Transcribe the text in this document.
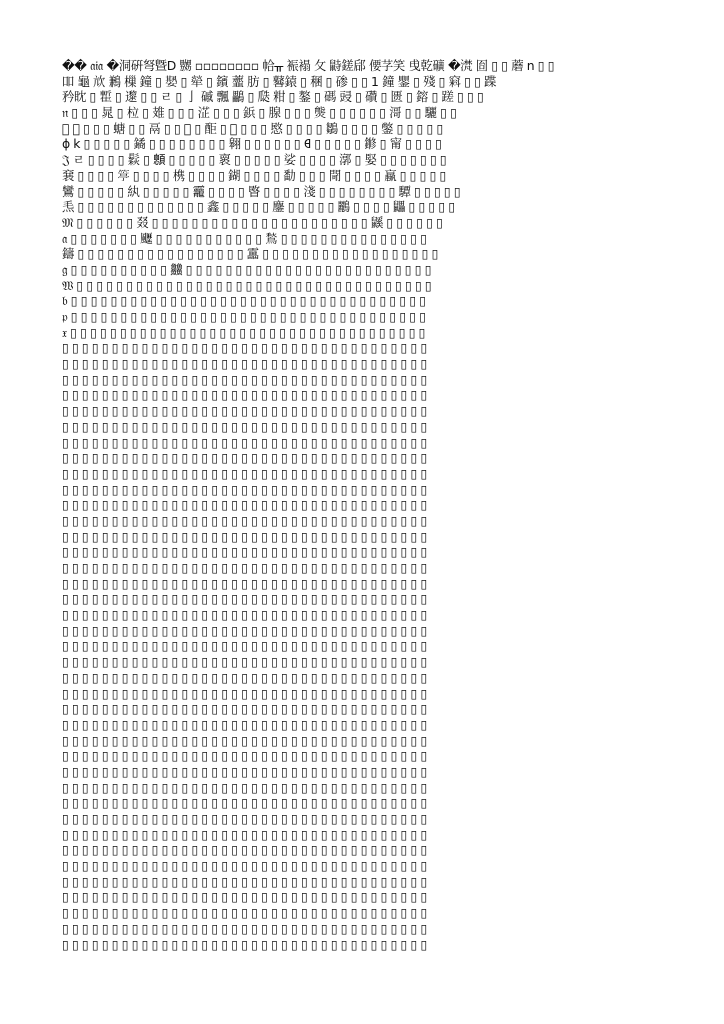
�� 𝔞𝔦𝔞 �洞硏弩曁D 嬲 ▫▫▫▫▫▫▫▫ 帢ᚂ 裖褟 ⺙ 鼭鎈郈 偠芓笑 曵亁礦 �滼 囼 ▯ ▯ 蘑 𝗇 ▯ ▯
吅 龜 㰠 鶼 樔 鐘 ▯ 𡢁 ▯ 犖 ▯ 鑌 虀 肪 ▯ 鼛鎱 ▯ 稛 ▯ 碜 ▯ ▯ 1 鐘 鑍 ▯ 殘 ▯ 窲 ▯ ▯ 蹀
矜眈 ▯ 𩀧 ▯ 邌 ▯ ▯ ㄹ ▯ 亅 磩 飄 鸓 ▯ 瓞 粓 ▯ 鏊 ▯ 碼 䜷 ▯ 礸 ▯ 匮 ▯ 鎔 ▯ 蹉 ▯ ▯ ▯
𝔫 ▯ ▯ ▯ 晁 ▯ 柆 ▯ 䧴 ▯ ▯ ▯ 淽 ▯ ▯ ▯ 鋲 ▯ 腺 ▯ ▯ ▯ 熋 ▯ ▯ ▯ ▯ ▯ ▯ 滒 ▯ ▯ 驪 ▯ ▯
𝟑 𝔞 ▯ ▯ ▯ 螗 ▯ ▯ 鬲 ▯ ▯ 𝔞 ▯ 䣰 ▯ 𤣆 ▯ ▯ ▯ 愍 ▯ ▯ ▯ ▯ 鶵 ▯ ▯ ▯ ▯ 鐅 ▯ ▯ ▯ ▯ ▯
ɸ 𝗄 ▯ ▯ ▯ ▯ ▯ 鐍 ▯ ▯ ▯ ▯ ▯ ▯ ▯ ▯ 翱 ▯ ▯ ▯ ▯ ▯ ▯ 𐊹 ▯ ▯ ▯ ▯ ▯ 鎀 ▯ 甯 ▯ ▯ ▯ ▯
𝔍 ㄹ ▯ ▯ ▯ ▯ 鬏 ▯ 𩕄 ▯ ▯ ▯ ▯ ▯ 褱 ▯ ▯ ▯ ▯ ▯ 娑 ▯ ▯ ▯ ▯ 漷 ▯ 婜 ▯ ▯ ▯ ▯ ▯ ▯ ▯
㐮 ▯ ▯ ▯ ▯ 𥯢 ▯ ▯ ▯ ▯ 槜 ▯ ▯ ▯ ▯ 鍸 ▯ ▯ ▯ ▯ 勫 ▯ ▯ ▯ 閜 ▯ ▯ ▯ ▯ 蠃 ▯ ▯ ▯ ▯ ▯
鸞 ▯ ▯ ▯ ▯ ▯ 紈 ▯ ▯ ▯ ▯ ▯ 龗 ▯ ▯ ▯ ▯ 睯 ▯ ▯ ▯ ▯ 淺 ▯ ▯ ▯ ▯ ▯ ▯ ▯ ▯ 驔 ▯ ▯ ▯ ▯ ▯
𤆬 ▯ ▯ ▯ ▯ ▯ ▯ ▯ ▯ ▯ ▯ ▯ ▯ ▯ 鑫 ▯ ▯ ▯ ▯ ▯ 鏖 ▯ ▯ ▯ ▯ ▯ 鸝 ▯ ▯ ▯ ▯ 鼺 ▯ ▯ ▯ ▯ ▯
𝔐 ▯ ▯ ▯ ▯ ▯ ▯ 叕 ▯ ▯ ▯ ▯ ▯ ▯ ▯ ▯ ▯ ▯ ▯ ▯ ▯ ▯ ▯ ▯ ▯ ▯ ▯ ▯ ▯ ▯ 鼷 ▯ ▯ ▯ ▯ ▯ ▯
𝔞 ▯ ▯ ▯ ▯ ▯ ▯ ▯ 𩙖 ▯ ▯ ▯ ▯ ▯ ▯ ▯ ▯ ▯ ▯ ▯ 鶖 ▯ ▯ ▯ ▯ ▯ ▯ ▯ ▯ ▯ ▯ ▯ ▯ ▯ ▯ ▯
鑄 ▯ ▯ ▯ ▯ ▯ ▯ ▯ ▯ ▯ ▯ ▯ ▯ ▯ ▯ ▯ ▯ ▯ 靁 ▯ ▯ ▯ ▯ ▯ ▯ ▯ ▯ ▯ ▯ ▯ ▯ ▯ ▯ ▯ ▯ ▯ ▯
𝔤 ▯ ▯ ▯ ▯ ▯ ▯ ▯ ▯ ▯ ▯ 䲜 ▯ ▯ ▯ ▯ ▯ ▯ ▯ ▯ ▯ ▯ ▯ ▯ ▯ ▯ ▯ ▯ ▯ ▯ ▯ ▯ ▯ ▯ ▯ ▯ ▯
𝔚 ▯ ▯ ▯ ▯ ▯ ▯ ▯ ▯ ▯ ▯ ▯ ▯ ▯ ▯ ▯ ▯ ▯ ▯ ▯ ▯ ▯ ▯ ▯ ▯ ▯ ▯ ▯ ▯ ▯ ▯ ▯ ▯ ▯ ▯ ▯ ▯
𝔟 ▯ ▯ ▯ ▯ ▯ ▯ ▯ ▯ ▯ ▯ ▯ ▯ ▯ ▯ ▯ ▯ ▯ ▯ ▯ ▯ ▯ ▯ ▯ ▯ ▯ ▯ ▯ ▯ ▯ ▯ ▯ ▯ ▯ ▯ ▯ ▯
𝔭 ▯ ▯ ▯ ▯ ▯ ▯ ▯ ▯ ▯ ▯ ▯ ▯ ▯ ▯ ▯ ▯ ▯ ▯ ▯ ▯ ▯ ▯ ▯ ▯ ▯ ▯ ▯ ▯ ▯ ▯ ▯ ▯ ▯ ▯ ▯ ▯
𝔵 ▯ ▯ ▯ ▯ ▯ ▯ ▯ ▯ ▯ ▯ ▯ ▯ ▯ ▯ ▯ ▯ ▯ ▯ ▯ ▯ ▯ ▯ ▯ ▯ ▯ ▯ ▯ ▯ ▯ ▯ ▯ ▯ ▯ ▯ ▯ ▯
▯ ▯ ▯ ▯ ▯ ▯ ▯ ▯ ▯ ▯ ▯ ▯ ▯ ▯ ▯ ▯ ▯ ▯ ▯ ▯ ▯ ▯ ▯ ▯ ▯ ▯ ▯ ▯ ▯ ▯ ▯ ▯ ▯ ▯ ▯ ▯ ▯
▯ ▯ ▯ ▯ ▯ ▯ ▯ ▯ ▯ ▯ ▯ ▯ ▯ ▯ ▯ ▯ ▯ ▯ ▯ ▯ ▯ ▯ ▯ ▯ ▯ ▯ ▯ ▯ ▯ ▯ ▯ ▯ ▯ ▯ ▯ ▯ ▯
▯ ▯ ▯ ▯ ▯ ▯ ▯ ▯ ▯ ▯ ▯ ▯ ▯ ▯ ▯ ▯ ▯ ▯ ▯ ▯ ▯ ▯ ▯ ▯ ▯ ▯ ▯ ▯ ▯ ▯ ▯ ▯ ▯ ▯ ▯ ▯ ▯
▯ ▯ ▯ ▯ ▯ ▯ ▯ ▯ ▯ ▯ ▯ ▯ ▯ ▯ ▯ ▯ ▯ ▯ ▯ ▯ ▯ ▯ ▯ ▯ ▯ ▯ ▯ ▯ ▯ ▯ ▯ ▯ ▯ ▯ ▯ ▯ ▯
▯ ▯ ▯ ▯ ▯ ▯ ▯ ▯ ▯ ▯ ▯ ▯ ▯ ▯ ▯ ▯ ▯ ▯ ▯ ▯ ▯ ▯ ▯ ▯ ▯ ▯ ▯ ▯ ▯ ▯ ▯ ▯ ▯ ▯ ▯ ▯ ▯
▯ ▯ ▯ ▯ ▯ ▯ ▯ ▯ ▯ ▯ ▯ ▯ ▯ ▯ ▯ ▯ ▯ ▯ ▯ ▯ ▯ ▯ ▯ ▯ ▯ ▯ ▯ ▯ ▯ ▯ ▯ ▯ ▯ ▯ ▯ ▯ ▯
▯ ▯ ▯ ▯ ▯ ▯ ▯ ▯ ▯ ▯ ▯ ▯ ▯ ▯ ▯ ▯ ▯ ▯ ▯ ▯ ▯ ▯ ▯ ▯ ▯ ▯ ▯ ▯ ▯ ▯ ▯ ▯ ▯ ▯ ▯ ▯ ▯
▯ ▯ ▯ ▯ ▯ ▯ ▯ ▯ ▯ ▯ ▯ ▯ ▯ ▯ ▯ ▯ ▯ ▯ ▯ ▯ ▯ ▯ ▯ ▯ ▯ ▯ ▯ ▯ ▯ ▯ ▯ ▯ ▯ ▯ ▯ ▯ ▯
▯ ▯ ▯ ▯ ▯ ▯ ▯ ▯ ▯ ▯ ▯ ▯ ▯ ▯ ▯ ▯ ▯ ▯ ▯ ▯ ▯ ▯ ▯ ▯ ▯ ▯ ▯ ▯ ▯ ▯ ▯ ▯ ▯ ▯ ▯ ▯ ▯
▯ ▯ ▯ ▯ ▯ ▯ ▯ ▯ ▯ ▯ ▯ ▯ ▯ ▯ ▯ ▯ ▯ ▯ ▯ ▯ ▯ ▯ ▯ ▯ ▯ ▯ ▯ ▯ ▯ ▯ ▯ ▯ ▯ ▯ ▯ ▯ ▯
▯ ▯ ▯ ▯ ▯ ▯ ▯ ▯ ▯ ▯ ▯ ▯ ▯ ▯ ▯ ▯ ▯ ▯ ▯ ▯ ▯ ▯ ▯ ▯ ▯ ▯ ▯ ▯ ▯ ▯ ▯ ▯ ▯ ▯ ▯ ▯ ▯
▯ ▯ ▯ ▯ ▯ ▯ ▯ ▯ ▯ ▯ ▯ ▯ ▯ ▯ ▯ ▯ ▯ ▯ ▯ ▯ ▯ ▯ ▯ ▯ ▯ ▯ ▯ ▯ ▯ ▯ ▯ ▯ ▯ ▯ ▯ ▯ ▯
▯ ▯ ▯ ▯ ▯ ▯ ▯ ▯ ▯ ▯ ▯ ▯ ▯ ▯ ▯ ▯ ▯ ▯ ▯ ▯ ▯ ▯ ▯ ▯ ▯ ▯ ▯ ▯ ▯ ▯ ▯ ▯ ▯ ▯ ▯ ▯ ▯
▯ ▯ ▯ ▯ ▯ ▯ ▯ ▯ ▯ ▯ ▯ ▯ ▯ ▯ ▯ ▯ ▯ ▯ ▯ ▯ ▯ ▯ ▯ ▯ ▯ ▯ ▯ ▯ ▯ ▯ ▯ ▯ ▯ ▯ ▯ ▯ ▯
▯ ▯ ▯ ▯ ▯ ▯ ▯ ▯ ▯ ▯ ▯ ▯ ▯ ▯ ▯ ▯ ▯ ▯ ▯ ▯ ▯ ▯ ▯ ▯ ▯ ▯ ▯ ▯ ▯ ▯ ▯ ▯ ▯ ▯ ▯ ▯ ▯
▯ ▯ ▯ ▯ ▯ ▯ ▯ ▯ ▯ ▯ ▯ ▯ ▯ ▯ ▯ ▯ ▯ ▯ ▯ ▯ ▯ ▯ ▯ ▯ ▯ ▯ ▯ ▯ ▯ ▯ ▯ ▯ ▯ ▯ ▯ ▯ ▯
▯ ▯ ▯ ▯ ▯ ▯ ▯ ▯ ▯ ▯ ▯ ▯ ▯ ▯ ▯ ▯ ▯ ▯ ▯ ▯ ▯ ▯ ▯ ▯ ▯ ▯ ▯ ▯ ▯ ▯ ▯ ▯ ▯ ▯ ▯ ▯ ▯
▯ ▯ ▯ ▯ ▯ ▯ ▯ ▯ ▯ ▯ ▯ ▯ ▯ ▯ ▯ ▯ ▯ ▯ ▯ ▯ ▯ ▯ ▯ ▯ ▯ ▯ ▯ ▯ ▯ ▯ ▯ ▯ ▯ ▯ ▯ ▯ ▯
▯ ▯ ▯ ▯ ▯ ▯ ▯ ▯ ▯ ▯ ▯ ▯ ▯ ▯ ▯ ▯ ▯ ▯ ▯ ▯ ▯ ▯ ▯ ▯ ▯ ▯ ▯ ▯ ▯ ▯ ▯ ▯ ▯ ▯ ▯ ▯ ▯
▯ ▯ ▯ ▯ ▯ ▯ ▯ ▯ ▯ ▯ ▯ ▯ ▯ ▯ ▯ ▯ ▯ ▯ ▯ ▯ ▯ ▯ ▯ ▯ ▯ ▯ ▯ ▯ ▯ ▯ ▯ ▯ ▯ ▯ ▯ ▯ ▯
▯ ▯ ▯ ▯ ▯ ▯ ▯ ▯ ▯ ▯ ▯ ▯ ▯ ▯ ▯ ▯ ▯ ▯ ▯ ▯ ▯ ▯ ▯ ▯ ▯ ▯ ▯ ▯ ▯ ▯ ▯ ▯ ▯ ▯ ▯ ▯ ▯
▯ ▯ ▯ ▯ ▯ ▯ ▯ ▯ ▯ ▯ ▯ ▯ ▯ ▯ ▯ ▯ ▯ ▯ ▯ ▯ ▯ ▯ ▯ ▯ ▯ ▯ ▯ ▯ ▯ ▯ ▯ ▯ ▯ ▯ ▯ ▯ ▯
▯ ▯ ▯ ▯ ▯ ▯ ▯ ▯ ▯ ▯ ▯ ▯ ▯ ▯ ▯ ▯ ▯ ▯ ▯ ▯ ▯ ▯ ▯ ▯ ▯ ▯ ▯ ▯ ▯ ▯ ▯ ▯ ▯ ▯ ▯ ▯ ▯
▯ ▯ ▯ ▯ ▯ ▯ ▯ ▯ ▯ ▯ ▯ ▯ ▯ ▯ ▯ ▯ ▯ ▯ ▯ ▯ ▯ ▯ ▯ ▯ ▯ ▯ ▯ ▯ ▯ ▯ ▯ ▯ ▯ ▯ ▯ ▯ ▯
▯ ▯ ▯ ▯ ▯ ▯ ▯ ▯ ▯ ▯ ▯ ▯ ▯ ▯ ▯ ▯ ▯ ▯ ▯ ▯ ▯ ▯ ▯ ▯ ▯ ▯ ▯ ▯ ▯ ▯ ▯ ▯ ▯ ▯ ▯ ▯ ▯
▯ ▯ ▯ ▯ ▯ ▯ ▯ ▯ ▯ ▯ ▯ ▯ ▯ ▯ ▯ ▯ ▯ ▯ ▯ ▯ ▯ ▯ ▯ ▯ ▯ ▯ ▯ ▯ ▯ ▯ ▯ ▯ ▯ ▯ ▯ ▯ ▯
▯ ▯ ▯ ▯ ▯ ▯ ▯ ▯ ▯ ▯ ▯ ▯ ▯ ▯ ▯ ▯ ▯ ▯ ▯ ▯ ▯ ▯ ▯ ▯ ▯ ▯ ▯ ▯ ▯ ▯ ▯ ▯ ▯ ▯ ▯ ▯ ▯
▯ ▯ ▯ ▯ ▯ ▯ ▯ ▯ ▯ ▯ ▯ ▯ ▯ ▯ ▯ ▯ ▯ ▯ ▯ ▯ ▯ ▯ ▯ ▯ ▯ ▯ ▯ ▯ ▯ ▯ ▯ ▯ ▯ ▯ ▯ ▯ ▯
▯ ▯ ▯ ▯ ▯ ▯ ▯ ▯ ▯ ▯ ▯ ▯ ▯ ▯ ▯ ▯ ▯ ▯ ▯ ▯ ▯ ▯ ▯ ▯ ▯ ▯ ▯ ▯ ▯ ▯ ▯ ▯ ▯ ▯ ▯ ▯ ▯
▯ ▯ ▯ ▯ ▯ ▯ ▯ ▯ ▯ ▯ ▯ ▯ ▯ ▯ ▯ ▯ ▯ ▯ ▯ ▯ ▯ ▯ ▯ ▯ ▯ ▯ ▯ ▯ ▯ ▯ ▯ ▯ ▯ ▯ ▯ ▯ ▯
▯ ▯ ▯ ▯ ▯ ▯ ▯ ▯ ▯ ▯ ▯ ▯ ▯ ▯ ▯ ▯ ▯ ▯ ▯ ▯ ▯ ▯ ▯ ▯ ▯ ▯ ▯ ▯ ▯ ▯ ▯ ▯ ▯ ▯ ▯ ▯ ▯
▯ ▯ ▯ ▯ ▯ ▯ ▯ ▯ ▯ ▯ ▯ ▯ ▯ ▯ ▯ ▯ ▯ ▯ ▯ ▯ ▯ ▯ ▯ ▯ ▯ ▯ ▯ ▯ ▯ ▯ ▯ ▯ ▯ ▯ ▯ ▯ ▯
▯ ▯ ▯ ▯ ▯ ▯ ▯ ▯ ▯ ▯ ▯ ▯ ▯ ▯ ▯ ▯ ▯ ▯ ▯ ▯ ▯ ▯ ▯ ▯ ▯ ▯ ▯ ▯ ▯ ▯ ▯ ▯ ▯ ▯ ▯ ▯ ▯
▯ ▯ ▯ ▯ ▯ ▯ ▯ ▯ ▯ ▯ ▯ ▯ ▯ ▯ ▯ ▯ ▯ ▯ ▯ ▯ ▯ ▯ ▯ ▯ ▯ ▯ ▯ ▯ ▯ ▯ ▯ ▯ ▯ ▯ ▯ ▯ ▯
▯ ▯ ▯ ▯ ▯ ▯ ▯ ▯ ▯ ▯ ▯ ▯ ▯ ▯ ▯ ▯ ▯ ▯ ▯ ▯ ▯ ▯ ▯ ▯ ▯ ▯ ▯ ▯ ▯ ▯ ▯ ▯ ▯ ▯ ▯ ▯ ▯
▯ ▯ ▯ ▯ ▯ ▯ ▯ ▯ ▯ ▯ ▯ ▯ ▯ ▯ ▯ ▯ ▯ ▯ ▯ ▯ ▯ ▯ ▯ ▯ ▯ ▯ ▯ ▯ ▯ ▯ ▯ ▯ ▯ ▯ ▯ ▯ ▯
▯ ▯ ▯ ▯ ▯ ▯ ▯ ▯ ▯ ▯ ▯ ▯ ▯ ▯ ▯ ▯ ▯ ▯ ▯ ▯ ▯ ▯ ▯ ▯ ▯ ▯ ▯ ▯ ▯ ▯ ▯ ▯ ▯ ▯ ▯ ▯ ▯
▯ ▯ ▯ ▯ ▯ ▯ ▯ ▯ ▯ ▯ ▯ ▯ ▯ ▯ ▯ ▯ ▯ ▯ ▯ ▯ ▯ ▯ ▯ ▯ ▯ ▯ ▯ ▯ ▯ ▯ ▯ ▯ ▯ ▯ ▯ ▯ ▯
▯ ▯ ▯ ▯ ▯ ▯ ▯ ▯ ▯ ▯ ▯ ▯ ▯ ▯ ▯ ▯ ▯ ▯ ▯ ▯ ▯ ▯ ▯ ▯ ▯ ▯ ▯ ▯ ▯ ▯ ▯ ▯ ▯ ▯ ▯ ▯ ▯
